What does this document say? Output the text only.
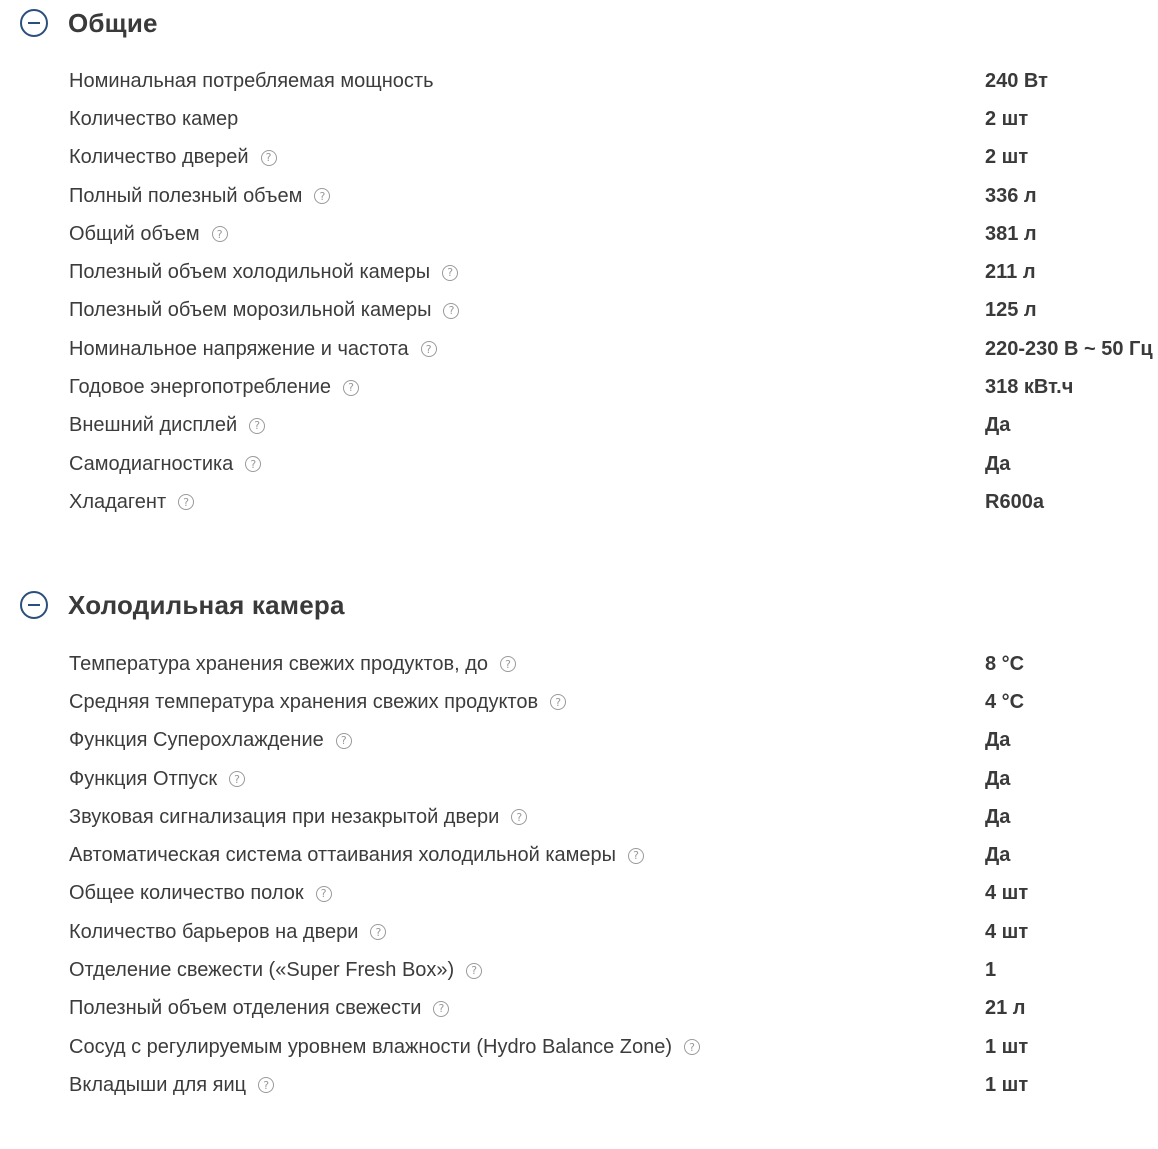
Общие
Номинальная потребляемая мощность	240 Вт
Количество камер	2 шт
Количество дверей	?	2 шт
Полный полезный объем	?	336 л
Общий объем	?	381 л
Полезный объем холодильной камеры	?	211 л
Полезный объем морозильной камеры	?	125 л
Номинальное напряжение и частота	?	220-230 В ~ 50 Гц
Годовое энергопотребление	?	318 кВт.ч
Внешний дисплей	?	Да
Самодиагностика	?	Да
Хладагент	?	R600a
Холодильная камера
Температура хранения свежих продуктов, до	?	8 °C
Средняя температура хранения свежих продуктов	?	4 °C
Функция Суперохлаждение	?	Да
Функция Отпуск	?	Да
Звуковая сигнализация при незакрытой двери	?	Да
Автоматическая система оттаивания холодильной камеры	?	Да
Общее количество полок	?	4 шт
Количество барьеров на двери	?	4 шт
Отделение свежести («Super Fresh Box»)	?	1
Полезный объем отделения свежести	?	21 л
Сосуд с регулируемым уровнем влажности (Hydro Balance Zone)	?	1 шт
Вкладыши для яиц	?	1 шт
